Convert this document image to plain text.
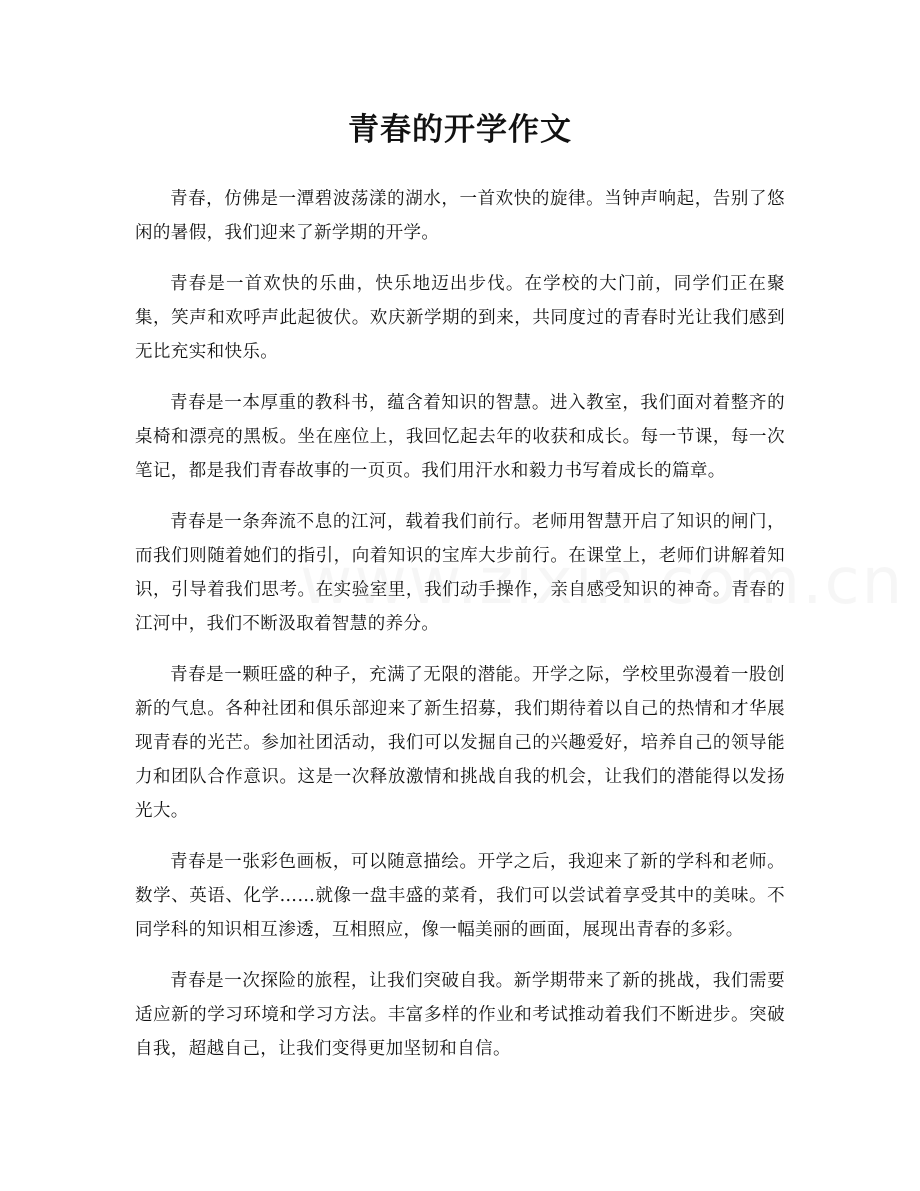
青春的开学作文

青春，仿佛是一潭碧波荡漾的湖水，一首欢快的旋律。当钟声响起，告别了悠闲的暑假，我们迎来了新学期的开学。

青春是一首欢快的乐曲，快乐地迈出步伐。在学校的大门前，同学们正在聚集，笑声和欢呼声此起彼伏。欢庆新学期的到来，共同度过的青春时光让我们感到无比充实和快乐。

青春是一本厚重的教科书，蕴含着知识的智慧。进入教室，我们面对着整齐的桌椅和漂亮的黑板。坐在座位上，我回忆起去年的收获和成长。每一节课，每一次笔记，都是我们青春故事的一页页。我们用汗水和毅力书写着成长的篇章。

青春是一条奔流不息的江河，载着我们前行。老师用智慧开启了知识的闸门，而我们则随着她们的指引，向着知识的宝库大步前行。在课堂上，老师们讲解着知识，引导着我们思考。在实验室里，我们动手操作，亲自感受知识的神奇。青春的江河中，我们不断汲取着智慧的养分。

青春是一颗旺盛的种子，充满了无限的潜能。开学之际，学校里弥漫着一股创新的气息。各种社团和俱乐部迎来了新生招募，我们期待着以自己的热情和才华展现青春的光芒。参加社团活动，我们可以发掘自己的兴趣爱好，培养自己的领导能力和团队合作意识。这是一次释放激情和挑战自我的机会，让我们的潜能得以发扬光大。

青春是一张彩色画板，可以随意描绘。开学之后，我迎来了新的学科和老师。数学、英语、化学……就像一盘丰盛的菜肴，我们可以尝试着享受其中的美味。不同学科的知识相互渗透，互相照应，像一幅美丽的画面，展现出青春的多彩。

青春是一次探险的旅程，让我们突破自我。新学期带来了新的挑战，我们需要适应新的学习环境和学习方法。丰富多样的作业和考试推动着我们不断进步。突破自我，超越自己，让我们变得更加坚韧和自信。
